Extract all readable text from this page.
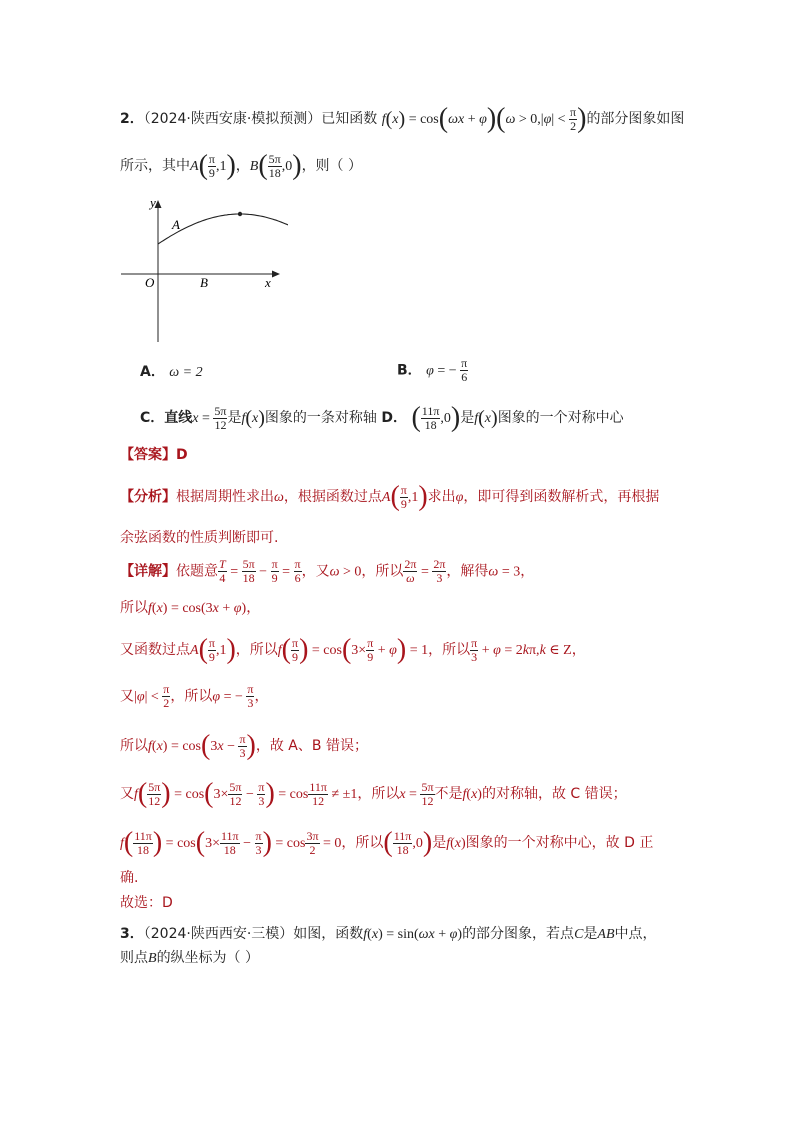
2．（2024·陕西安康·模拟预测）已知函数 $f(x) = \cos(\omega x + \varphi)(\omega > 0,|\varphi| < \frac{\pi}{2}$ )的部分图象如图
所示，其中$A( \frac{\pi}{9} ,1)$，$B( \frac{5\pi}{18} ,0)$，则（ ）
y
x
O
A
B
A． ω = 2	B． φ = − $\frac{\pi}{6}$
C．直线$x = \frac{5\pi}{12}$ 是f(x)图象的一条对称轴 D． ( $\frac{11\pi}{18} ,0$)是f(x)图象的一个对称中心
【答案】D
【分析】根据周期性求出ω，根据函数过点$A( \frac{\pi}{9} ,1)$求出φ，即可得到函数解析式，再根据
余弦函数的性质判断即可.
【详解】依题意 $\frac{T}{4} = \frac{5\pi}{18} - \frac{\pi}{9} = \frac{\pi}{6}$ ，又ω > 0，所以 $\frac{2\pi}{\omega} = \frac{2\pi}{3}$ ，解得ω = 3，
所以f(x) = cos(3x + φ)，
又函数过点$A( \frac{\pi}{9} ,1)$，所以$f( \frac{\pi}{9}$ ) = $\cos(3\times \frac{\pi}{9} + \varphi) = 1$，所以 $\frac{\pi}{3} + \varphi = 2k\pi,k$ ∈ Z，
又$|\varphi| < \frac{\pi}{2}$ ，所以φ = − $\frac{\pi}{3}$ ，
所以$f(x) = \cos(3x - \frac{\pi}{3}$ )，故 A、B 错误；
又$f( \frac{5\pi}{12}$ ) = $\cos(3\times \frac{5\pi}{12} - \frac{\pi}{3}$ ) = $\cos \frac{11\pi}{12} \ne \pm 1$，所以$x = \frac{5\pi}{12}$ 不是f(x)的对称轴，故 C 错误；
$f( \frac{11\pi}{18}$ ) = $\cos(3\times \frac{11\pi}{18} - \frac{\pi}{3}$ ) = $\cos \frac{3\pi}{2} = 0$，所以( $\frac{11\pi}{18} ,0$)是f(x)图象的一个对称中心，故 D 正
确.
故选：D
3．（2024·陕西西安·三模）如图，函数f(x) = sin(ωx + φ)的部分图象，若点C是AB中点，
则点B的纵坐标为（ ）
